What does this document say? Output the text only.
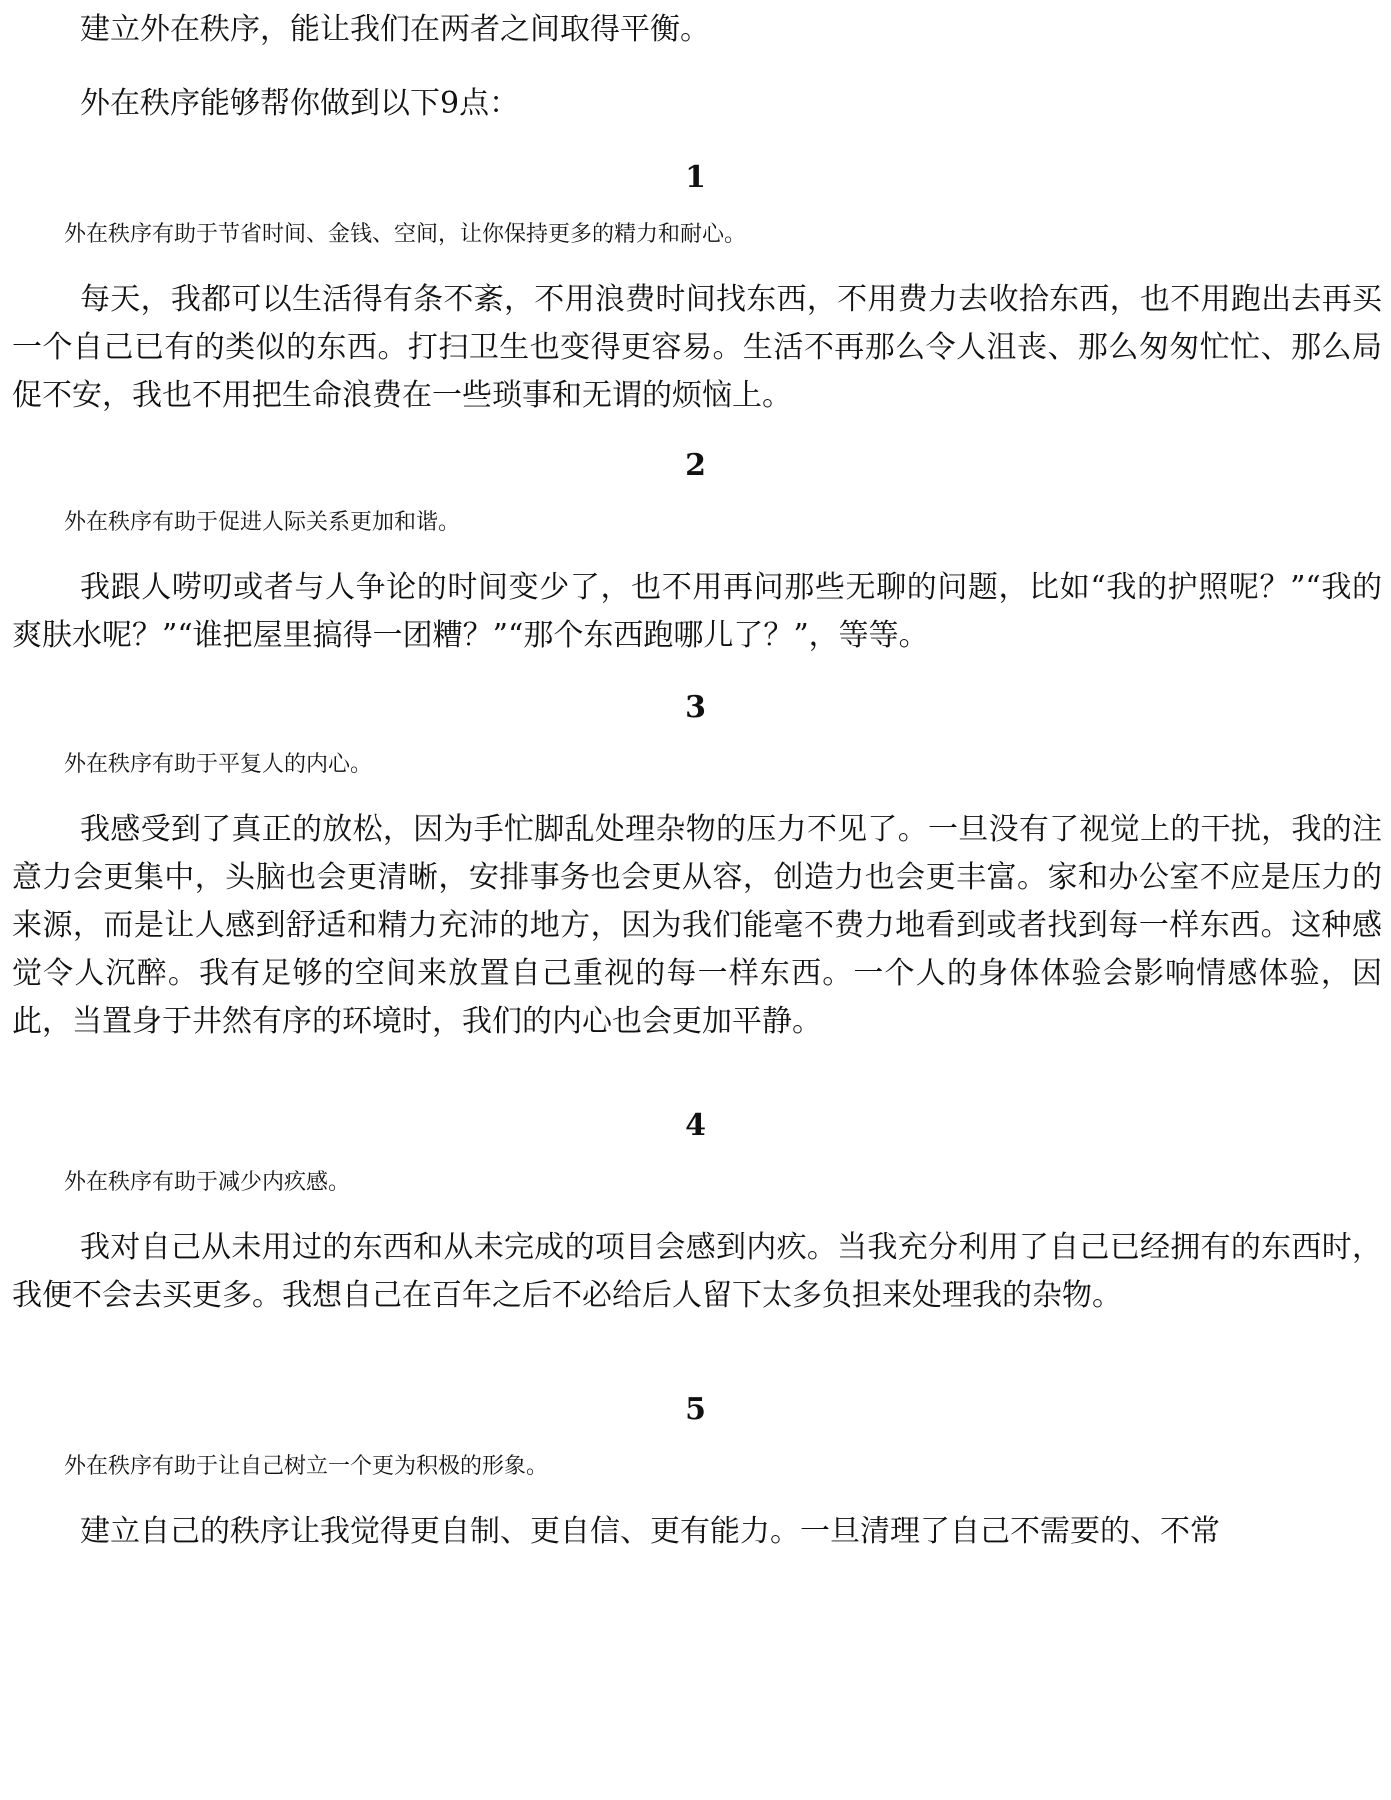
建立外在秩序，能让我们在两者之间取得平衡。

外在秩序能够帮你做到以下9点：

1

外在秩序有助于节省时间、金钱、空间，让你保持更多的精力和耐心。

每天，我都可以生活得有条不紊，不用浪费时间找东西，不用费力去收拾东西，也不用跑出去再买一个自己已有的类似的东西。打扫卫生也变得更容易。生活不再那么令人沮丧、那么匆匆忙忙、那么局促不安，我也不用把生命浪费在一些琐事和无谓的烦恼上。

2

外在秩序有助于促进人际关系更加和谐。

我跟人唠叨或者与人争论的时间变少了，也不用再问那些无聊的问题，比如“我的护照呢？”“我的爽肤水呢？”“谁把屋里搞得一团糟？”“那个东西跑哪儿了？”，等等。

3

外在秩序有助于平复人的内心。

我感受到了真正的放松，因为手忙脚乱处理杂物的压力不见了。一旦没有了视觉上的干扰，我的注意力会更集中，头脑也会更清晰，安排事务也会更从容，创造力也会更丰富。家和办公室不应是压力的来源，而是让人感到舒适和精力充沛的地方，因为我们能毫不费力地看到或者找到每一样东西。这种感觉令人沉醉。我有足够的空间来放置自己重视的每一样东西。一个人的身体体验会影响情感体验，因此，当置身于井然有序的环境时，我们的内心也会更加平静。

4

外在秩序有助于减少内疚感。

我对自己从未用过的东西和从未完成的项目会感到内疚。当我充分利用了自己已经拥有的东西时，我便不会去买更多。我想自己在百年之后不必给后人留下太多负担来处理我的杂物。

5

外在秩序有助于让自己树立一个更为积极的形象。

建立自己的秩序让我觉得更自制、更自信、更有能力。一旦清理了自己不需要的、不常
